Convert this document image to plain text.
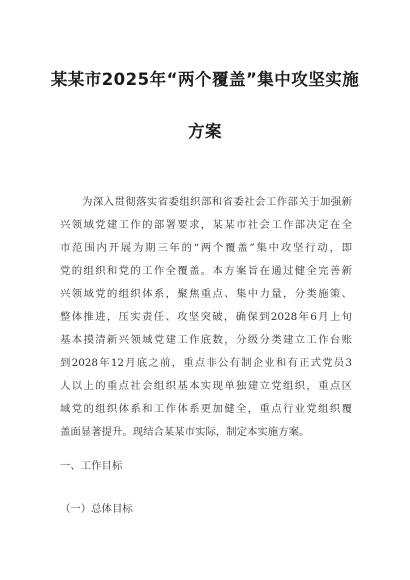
某某市2025年“两个覆盖”集中攻坚实施
方案
为深入贯彻落实省委组织部和省委社会工作部关于加强新
兴领域党建工作的部署要求，某某市社会工作部决定在全
市范围内开展为期三年的“两个覆盖”集中攻坚行动，即
党的组织和党的工作全覆盖。本方案旨在通过健全完善新
兴领域党的组织体系，聚焦重点、集中力量，分类施策、
整体推进，压实责任、攻坚突破，确保到2028年6月上旬
基本摸清新兴领域党建工作底数，分级分类建立工作台账
到2028年12月底之前，重点非公有制企业和有正式党员3
人以上的重点社会组织基本实现单独建立党组织，重点区
域党的组织体系和工作体系更加健全，重点行业党组织覆
盖面显著提升。现结合某某市实际，制定本实施方案。
一、工作目标
（一）总体目标
